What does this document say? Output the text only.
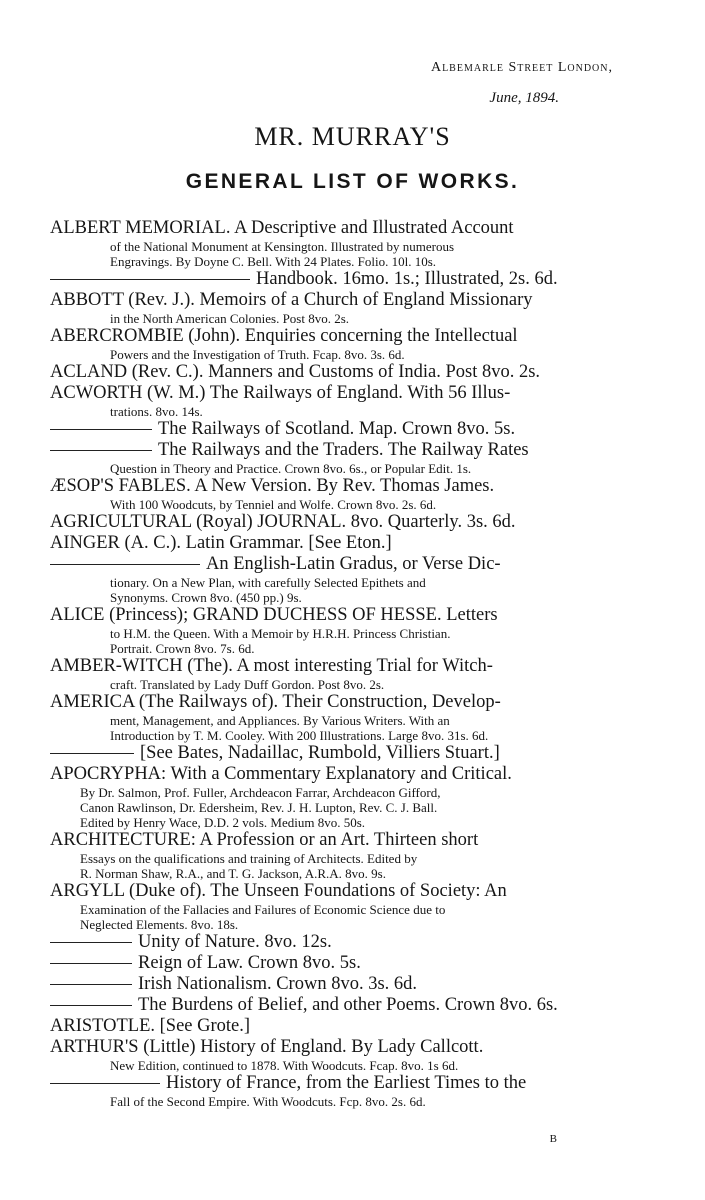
Albemarle Street London,
June, 1894.
MR. MURRAY'S
GENERAL LIST OF WORKS.
ALBERT MEMORIAL. A Descriptive and Illustrated Account
of the National Monument at Kensington. Illustrated by numerous
Engravings. By Doyne C. Bell. With 24 Plates. Folio. 10l. 10s.
Handbook. 16mo. 1s.; Illustrated, 2s. 6d.
ABBOTT (Rev. J.). Memoirs of a Church of England Missionary
in the North American Colonies. Post 8vo. 2s.
ABERCROMBIE (John). Enquiries concerning the Intellectual
Powers and the Investigation of Truth. Fcap. 8vo. 3s. 6d.
ACLAND (Rev. C.). Manners and Customs of India. Post 8vo. 2s.
ACWORTH (W. M.) The Railways of England. With 56 Illus-
trations. 8vo. 14s.
The Railways of Scotland. Map. Crown 8vo. 5s.
The Railways and the Traders. The Railway Rates
Question in Theory and Practice. Crown 8vo. 6s., or Popular Edit. 1s.
ÆSOP'S FABLES. A New Version. By Rev. Thomas James.
With 100 Woodcuts, by Tenniel and Wolfe. Crown 8vo. 2s. 6d.
AGRICULTURAL (Royal) JOURNAL. 8vo. Quarterly. 3s. 6d.
AINGER (A. C.). Latin Grammar. [See Eton.]
An English-Latin Gradus, or Verse Dic-
tionary. On a New Plan, with carefully Selected Epithets and
Synonyms. Crown 8vo. (450 pp.) 9s.
ALICE (Princess); GRAND DUCHESS OF HESSE. Letters
to H.M. the Queen. With a Memoir by H.R.H. Princess Christian.
Portrait. Crown 8vo. 7s. 6d.
AMBER-WITCH (The). A most interesting Trial for Witch-
craft. Translated by Lady Duff Gordon. Post 8vo. 2s.
AMERICA (The Railways of). Their Construction, Develop-
ment, Management, and Appliances. By Various Writers. With an
Introduction by T. M. Cooley. With 200 Illustrations. Large 8vo. 31s. 6d.
[See Bates, Nadaillac, Rumbold, Villiers Stuart.]
APOCRYPHA: With a Commentary Explanatory and Critical.
By Dr. Salmon, Prof. Fuller, Archdeacon Farrar, Archdeacon Gifford,
Canon Rawlinson, Dr. Edersheim, Rev. J. H. Lupton, Rev. C. J. Ball.
Edited by Henry Wace, D.D. 2 vols. Medium 8vo. 50s.
ARCHITECTURE: A Profession or an Art. Thirteen short
Essays on the qualifications and training of Architects. Edited by
R. Norman Shaw, R.A., and T. G. Jackson, A.R.A. 8vo. 9s.
ARGYLL (Duke of). The Unseen Foundations of Society: An
Examination of the Fallacies and Failures of Economic Science due to
Neglected Elements. 8vo. 18s.
Unity of Nature. 8vo. 12s.
Reign of Law. Crown 8vo. 5s.
Irish Nationalism. Crown 8vo. 3s. 6d.
The Burdens of Belief, and other Poems. Crown 8vo. 6s.
ARISTOTLE. [See Grote.]
ARTHUR'S (Little) History of England. By Lady Callcott.
New Edition, continued to 1878. With Woodcuts. Fcap. 8vo. 1s 6d.
History of France, from the Earliest Times to the
Fall of the Second Empire. With Woodcuts. Fcp. 8vo. 2s. 6d.
B
